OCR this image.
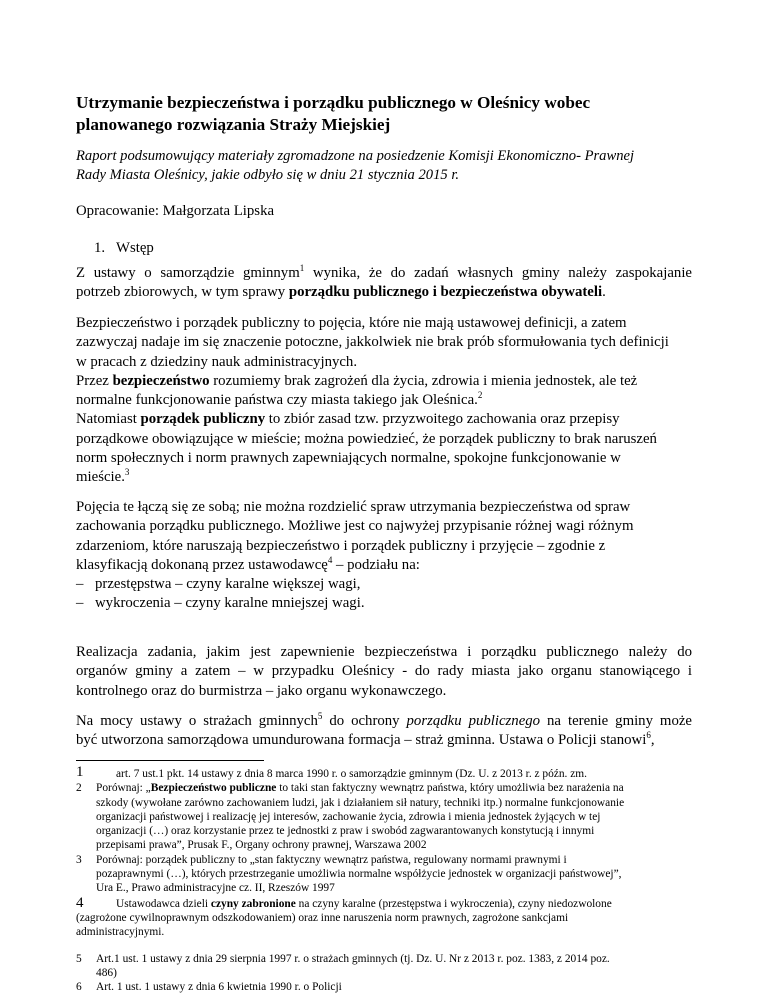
Utrzymanie bezpieczeństwa i porządku publicznego w Oleśnicy wobec
planowanego rozwiązania Straży Miejskiej
Raport podsumowujący materiały zgromadzone na posiedzenie Komisji Ekonomiczno- Prawnej
Rady Miasta Oleśnicy, jakie odbyło się w dniu 21 stycznia 2015 r.
Opracowanie: Małgorzata Lipska
1. Wstęp
Z ustawy o samorządzie gminnym$^1$ wynika, że do zadań własnych gminy należy zaspokajanie
potrzeb zbiorowych, w tym sprawy porządku publicznego i bezpieczeństwa obywateli.
Bezpieczeństwo i porządek publiczny to pojęcia, które nie mają ustawowej definicji, a zatem
zazwyczaj nadaje im się znaczenie potoczne, jakkolwiek nie brak prób sformułowania tych definicji
w pracach z dziedziny nauk administracyjnych.
Przez bezpieczeństwo rozumiemy brak zagrożeń dla życia, zdrowia i mienia jednostek, ale też
normalne funkcjonowanie państwa czy miasta takiego jak Oleśnica.$^2$
Natomiast porządek publiczny to zbiór zasad tzw. przyzwoitego zachowania oraz przepisy
porządkowe obowiązujące w mieście; można powiedzieć, że porządek publiczny to brak naruszeń
norm społecznych i norm prawnych zapewniających normalne, spokojne funkcjonowanie w
mieście.$^3$
Pojęcia te łączą się ze sobą; nie można rozdzielić spraw utrzymania bezpieczeństwa od spraw
zachowania porządku publicznego. Możliwe jest co najwyżej przypisanie różnej wagi różnym
zdarzeniom, które naruszają bezpieczeństwo i porządek publiczny i przyjęcie – zgodnie z
klasyfikacją dokonaną przez ustawodawcę$^4$ – podziału na:
– przestępstwa – czyny karalne większej wagi,
– wykroczenia – czyny karalne mniejszej wagi.
Realizacja zadania, jakim jest zapewnienie bezpieczeństwa i porządku publicznego należy do
organów gminy a zatem – w przypadku Oleśnicy - do rady miasta jako organu stanowiącego i
kontrolnego oraz do burmistrza – jako organu wykonawczego.
Na mocy ustawy o strażach gminnych$^5$ do ochrony porządku publicznego na terenie gminy może
być utworzona samorządowa umundurowana formacja – straż gminna. Ustawa o Policji stanowi$^6$,
1	art. 7 ust.1 pkt. 14 ustawy z dnia 8 marca 1990 r. o samorządzie gminnym (Dz. U. z 2013 r. z późn. zm.
2 Porównaj: „Bezpieczeństwo publiczne to taki stan faktyczny wewnątrz państwa, który umożliwia bez narażenia na
szkody (wywołane zarówno zachowaniem ludzi, jak i działaniem sił natury, techniki itp.) normalne funkcjonowanie
organizacji państwowej i realizację jej interesów, zachowanie życia, zdrowia i mienia jednostek żyjących w tej
organizacji (…) oraz korzystanie przez te jednostki z praw i swobód zagwarantowanych konstytucją i innymi
przepisami prawa”, Prusak F., Organy ochrony prawnej, Warszawa 2002
3 Porównaj: porządek publiczny to „stan faktyczny wewnątrz państwa, regulowany normami prawnymi i
pozaprawnymi (…), których przestrzeganie umożliwia normalne współżycie jednostek w organizacji państwowej”,
Ura E., Prawo administracyjne cz. II, Rzeszów 1997
4	Ustawodawca dzieli czyny zabronione na czyny karalne (przestępstwa i wykroczenia), czyny niedozwolone
(zagrożone cywilnoprawnym odszkodowaniem) oraz inne naruszenia norm prawnych, zagrożone sankcjami
administracyjnymi.
5 Art.1 ust. 1 ustawy z dnia 29 sierpnia 1997 r. o strażach gminnych (tj. Dz. U. Nr z 2013 r. poz. 1383, z 2014 poz.
486)
6 Art. 1 ust. 1 ustawy z dnia 6 kwietnia 1990 r. o Policji
